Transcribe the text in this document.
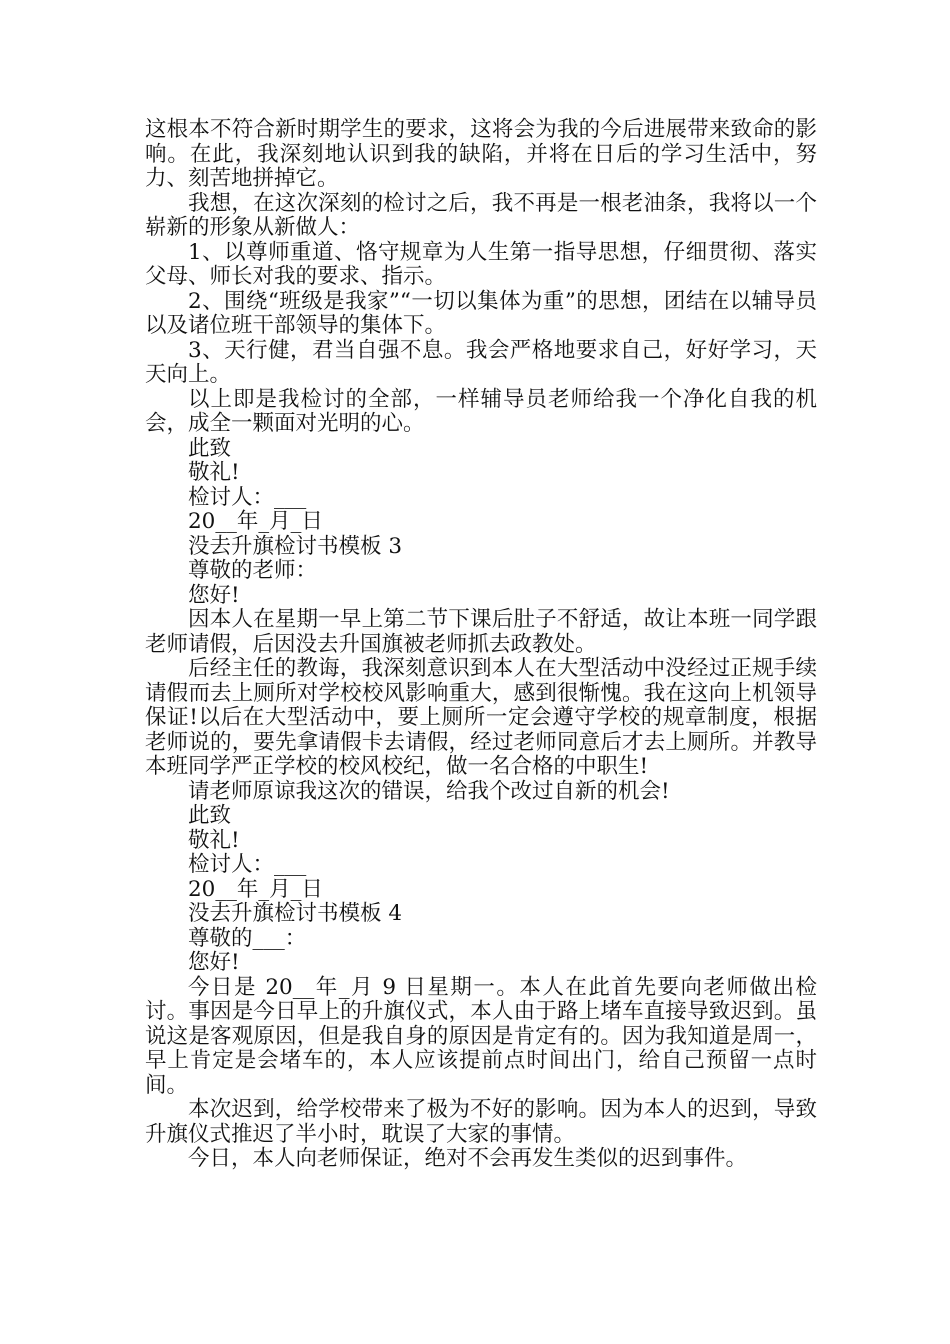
这根本不符合新时期学生的要求，这将会为我的今后进展带来致命的影响。在此，我深刻地认识到我的缺陷，并将在日后的学习生活中，努力、刻苦地拼掉它。

我想，在这次深刻的检讨之后，我不再是一根老油条，我将以一个崭新的形象从新做人：

1、以尊师重道、恪守规章为人生第一指导思想，仔细贯彻、落实父母、师长对我的要求、指示。

2、围绕“班级是我家”“一切以集体为重”的思想，团结在以辅导员以及诸位班干部领导的集体下。

3、天行健，君当自强不息。我会严格地要求自己，好好学习，天天向上。

以上即是我检讨的全部，一样辅导员老师给我一个净化自我的机会，成全一颗面对光明的心。

此致

敬礼!

检讨人：___

20__年_月_日

没去升旗检讨书模板 3

尊敬的老师：

您好!

因本人在星期一早上第二节下课后肚子不舒适，故让本班一同学跟老师请假，后因没去升国旗被老师抓去政教处。

后经主任的教诲，我深刻意识到本人在大型活动中没经过正规手续请假而去上厕所对学校校风影响重大，感到很惭愧。我在这向上机领导保证!以后在大型活动中，要上厕所一定会遵守学校的规章制度，根据老师说的，要先拿请假卡去请假，经过老师同意后才去上厕所。并教导本班同学严正学校的校风校纪，做一名合格的中职生!

请老师原谅我这次的错误，给我个改过自新的机会!

此致

敬礼!

检讨人：___

20__年_月_日

没去升旗检讨书模板 4

尊敬的___：

您好!

今日是 20__年_月 9 日星期一。本人在此首先要向老师做出检讨。事因是今日早上的升旗仪式，本人由于路上堵车直接导致迟到。虽说这是客观原因，但是我自身的原因是肯定有的。因为我知道是周一，早上肯定是会堵车的，本人应该提前点时间出门，给自己预留一点时间。

本次迟到，给学校带来了极为不好的影响。因为本人的迟到，导致升旗仪式推迟了半小时，耽误了大家的事情。

今日，本人向老师保证，绝对不会再发生类似的迟到事件。
